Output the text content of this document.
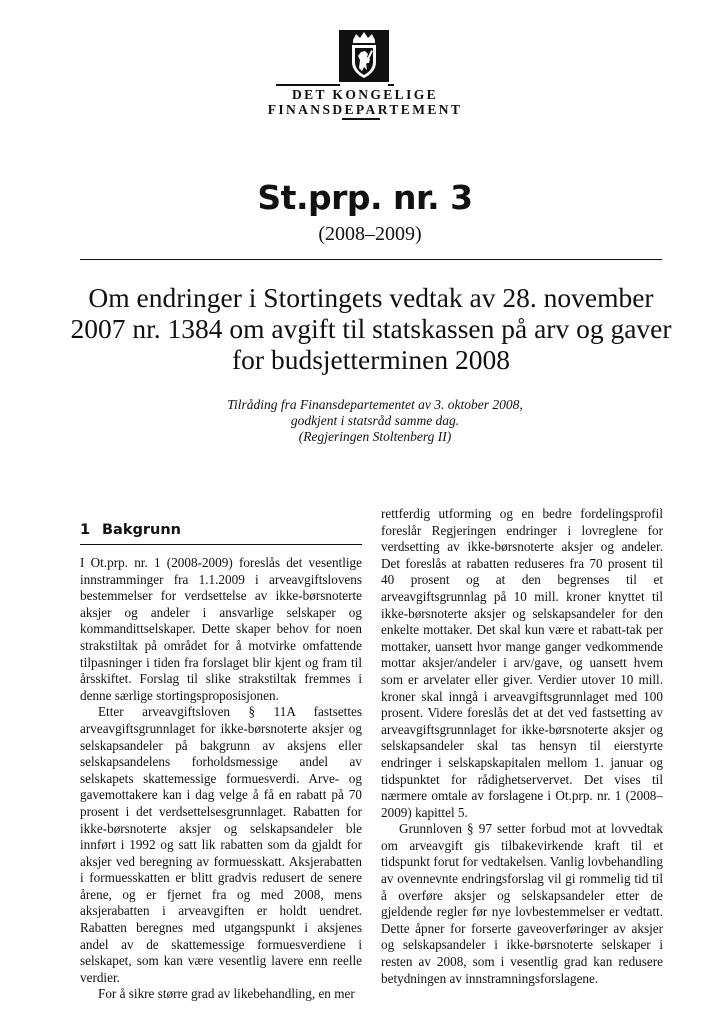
DET KONGELIGE
FINANSDEPARTEMENT
St.prp. nr. 3
(2008–2009)
Om endringer i Stortingets vedtak av 28. november 2007 nr. 1384 om avgift til statskassen på arv og gaver for budsjetterminen 2008
Tilråding fra Finansdepartementet av 3. oktober 2008,
godkjent i statsråd samme dag.
(Regjeringen Stoltenberg II)
1 Bakgrunn

I Ot.prp. nr. 1 (2008-2009) foreslås det vesentlige innstramminger fra 1.1.2009 i arveavgiftslovens bestemmelser for verdsettelse av ikke-børsnoterte aksjer og andeler i ansvarlige selskaper og kommandittselskaper. Dette skaper behov for noen strakstiltak på området for å motvirke omfattende tilpasninger i tiden fra forslaget blir kjent og fram til årsskiftet. Forslag til slike strakstiltak fremmes i denne særlige stortingsproposisjonen.

Etter arveavgiftsloven § 11A fastsettes arveavgiftsgrunnlaget for ikke-børsnoterte aksjer og selskapsandeler på bakgrunn av aksjens eller selskapsandelens forholdsmessige andel av selskapets skattemessige formuesverdi. Arve- og gavemottakere kan i dag velge å få en rabatt på 70 prosent i det verdsettelsesgrunnlaget. Rabatten for ikke-børsnoterte aksjer og selskapsandeler ble innført i 1992 og satt lik rabatten som da gjaldt for aksjer ved beregning av formuesskatt. Aksjerabatten i formuesskatten er blitt gradvis redusert de senere årene, og er fjernet fra og med 2008, mens aksjerabatten i arveavgiften er holdt uendret. Rabatten beregnes med utgangspunkt i aksjenes andel av de skattemessige formuesverdiene i selskapet, som kan være vesentlig lavere enn reelle verdier.

For å sikre større grad av likebehandling, en mer

rettferdig utforming og en bedre fordelingsprofil foreslår Regjeringen endringer i lovreglene for verdsetting av ikke-børsnoterte aksjer og andeler. Det foreslås at rabatten reduseres fra 70 prosent til 40 prosent og at den begrenses til et arveavgiftsgrunnlag på 10 mill. kroner knyttet til ikke-børsnoterte aksjer og selskapsandeler for den enkelte mottaker. Det skal kun være et rabatt-tak per mottaker, uansett hvor mange ganger vedkommende mottar aksjer/andeler i arv/gave, og uansett hvem som er arvelater eller giver. Verdier utover 10 mill. kroner skal inngå i arveavgiftsgrunnlaget med 100 prosent. Videre foreslås det at det ved fastsetting av arveavgiftsgrunnlaget for ikke-børsnoterte aksjer og selskapsandeler skal tas hensyn til eierstyrte endringer i selskapskapitalen mellom 1. januar og tidspunktet for rådighetservervet. Det vises til nærmere omtale av forslagene i Ot.prp. nr. 1 (2008–2009) kapittel 5.

Grunnloven § 97 setter forbud mot at lovvedtak om arveavgift gis tilbakevirkende kraft til et tidspunkt forut for vedtakelsen. Vanlig lovbehandling av ovennevnte endringsforslag vil gi rommelig tid til å overføre aksjer og selskapsandeler etter de gjeldende regler før nye lovbestemmelser er vedtatt. Dette åpner for forserte gaveoverføringer av aksjer og selskapsandeler i ikke-børsnoterte selskaper i resten av 2008, som i vesentlig grad kan redusere betydningen av innstramningsforslagene.
